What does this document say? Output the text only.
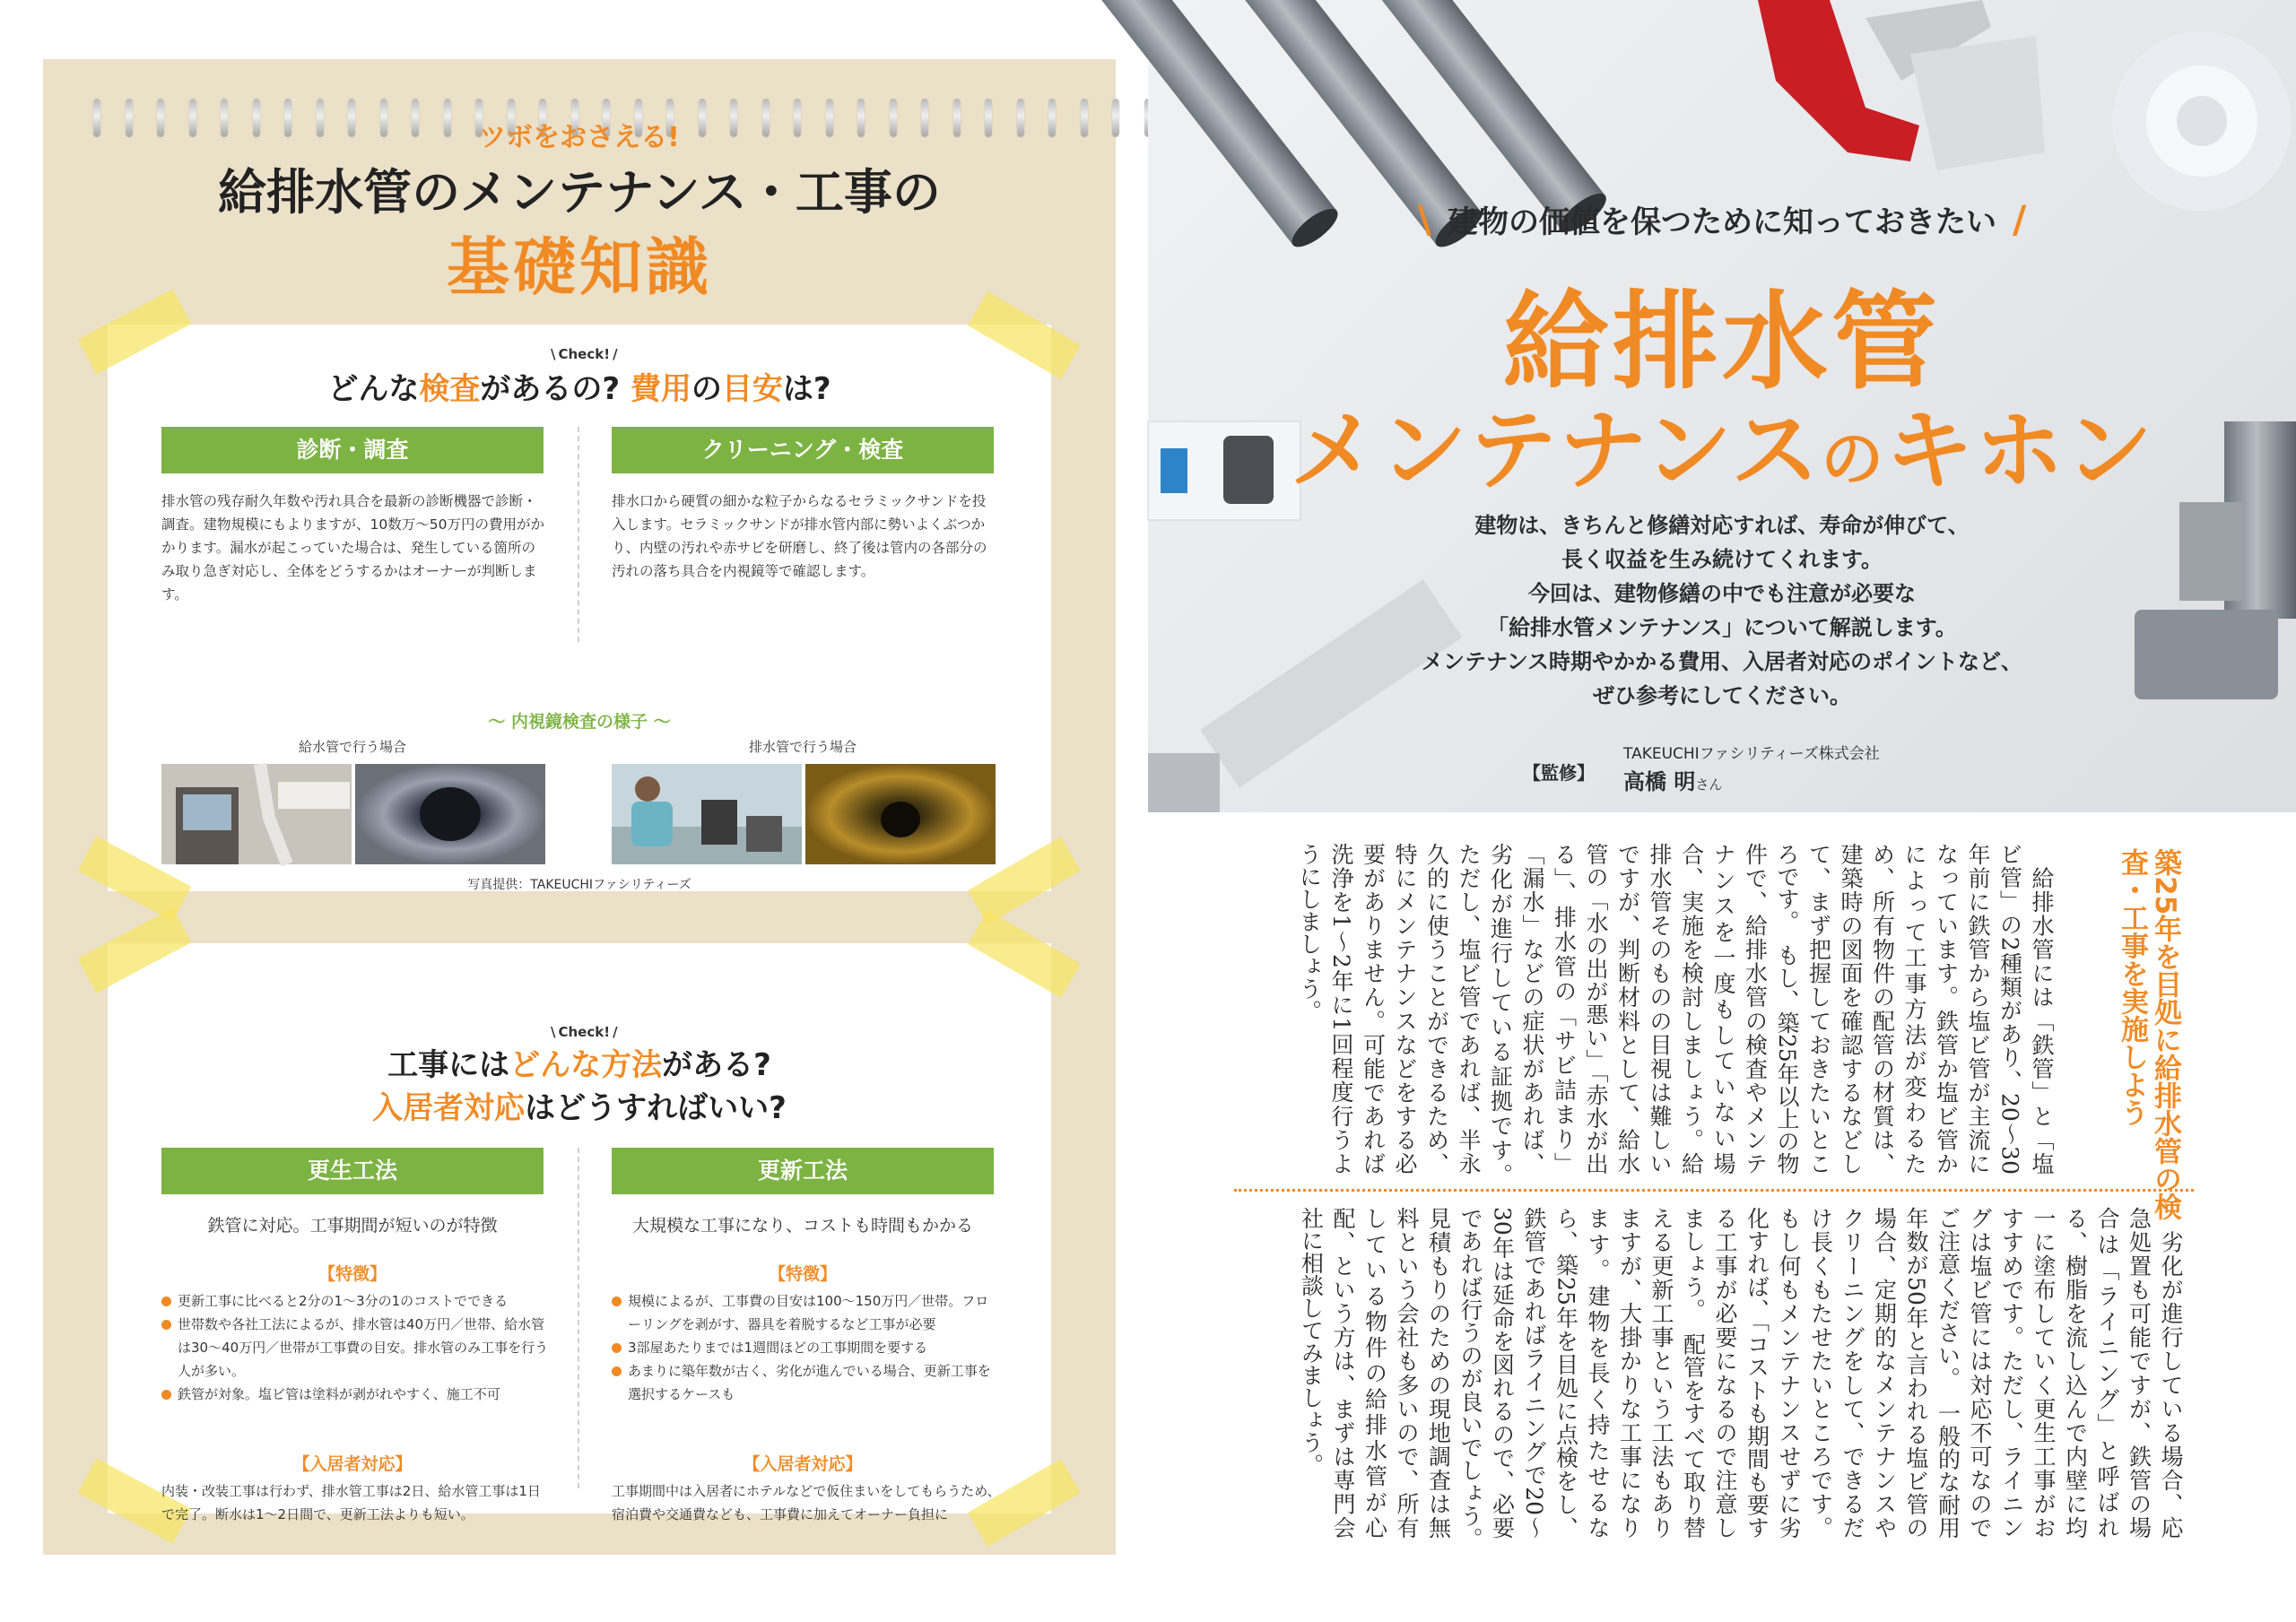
ツボをおさえる!
給排水管のメンテナンス・工事の
基礎知識
\ Check! /
どんな検査があるの? 費用の目安は?
診断・調査	クリーニング・検査
排水管の残存耐久年数や汚れ具合を最新の診断機器で診断・調査。建物規模にもよりますが、10数万〜50万円の費用がかかります。漏水が起こっていた場合は、発生している箇所のみ取り急ぎ対応し、全体をどうするかはオーナーが判断します。
排水口から硬質の細かな粒子からなるセラミックサンドを投入します。セラミックサンドが排水管内部に勢いよくぶつかり、内壁の汚れや赤サビを研磨し、終了後は管内の各部分の汚れの落ち具合を内視鏡等で確認します。
〜 内視鏡検査の様子 〜
給水管で行う場合	排水管で行う場合
写真提供：TAKEUCHIファシリティーズ
\ Check! /
工事にはどんな方法がある?
入居者対応はどうすればいい?
更生工法	更新工法
鉄管に対応。工事期間が短いのが特徴	大規模な工事になり、コストも時間もかかる
【特徴】	【特徴】
更新工事に比べると2分の1〜3分の1のコストでできる
世帯数や各社工法によるが、排水管は40万円／世帯、給水管は30〜40万円／世帯が工事費の目安。排水管のみ工事を行う人が多い。
鉄管が対象。塩ビ管は塗料が剥がれやすく、施工不可
規模によるが、工事費の目安は100〜150万円／世帯。フローリングを剥がす、器具を着脱するなど工事が必要
3部屋あたりまでは1週間ほどの工事期間を要する
あまりに築年数が古く、劣化が進んでいる場合、更新工事を選択するケースも
【入居者対応】	【入居者対応】
内装・改装工事は行わず、排水管工事は2日、給水管工事は1日で完了。断水は1〜2日間で、更新工法よりも短い。
工事期間中は入居者にホテルなどで仮住まいをしてもらうため、宿泊費や交通費なども、工事費に加えてオーナー負担に
\ 建物の価値を保つために知っておきたい /
給排水管
メンテナンスのキホン
建物は、きちんと修繕対応すれば、寿命が伸びて、
長く収益を生み続けてくれます。
今回は、建物修繕の中でも注意が必要な
「給排水管メンテナンス」について解説します。
メンテナンス時期やかかる費用、入居者対応のポイントなど、
ぜひ参考にしてください。
【監修】
TAKEUCHIファシリティーズ株式会社
高橋 明さん
築25年を目処に給排水管の検査・工事を実施しよう
　給排水管には「鉄管」と「塩ビ管」の2種類があり、20〜30年前に鉄管から塩ビ管が主流になっています。鉄管か塩ビ管かによって工事方法が変わるため、所有物件の配管の材質は、建築時の図面を確認するなどして、まず把握しておきたいところです。　もし、築25年以上の物件で、給排水管の検査やメンテナンスを一度もしていない場合、実施を検討しましょう。給排水管そのものの目視は難しいですが、判断材料として、給水管の「水の出が悪い」「赤水が出る」、排水管の「サビ詰まり」「漏水」などの症状があれば、劣化が進行している証拠です。　ただし、塩ビ管であれば、半永久的に使うことができるため、特にメンテナンスなどをする必要がありません。可能であれば洗浄を1〜2年に1回程度行うようにしましょう。
　劣化が進行している場合、応急処置も可能ですが、鉄管の場合は「ライニング」と呼ばれる、樹脂を流し込んで内壁に均一に塗布していく更生工事がおすすめです。ただし、ライニングは塩ビ管には対応不可なのでご注意ください。　一般的な耐用年数が50年と言われる塩ビ管の場合、定期的なメンテナンスやクリーニングをして、できるだけ長くもたせたいところです。もし何もメンテナンスせずに劣化すれば、「コストも期間も要する工事が必要になるので注意しましょう。　配管をすべて取り替える更新工事という工法もありますが、大掛かりな工事になります。建物を長く持たせるなら、築25年を目処に点検をし、鉄管であればライニングで20〜30年は延命を図れるので、必要であれば行うのが良いでしょう。　見積もりのための現地調査は無料という会社も多いので、所有している物件の給排水管が心配、という方は、まずは専門会社に相談してみましょう。
